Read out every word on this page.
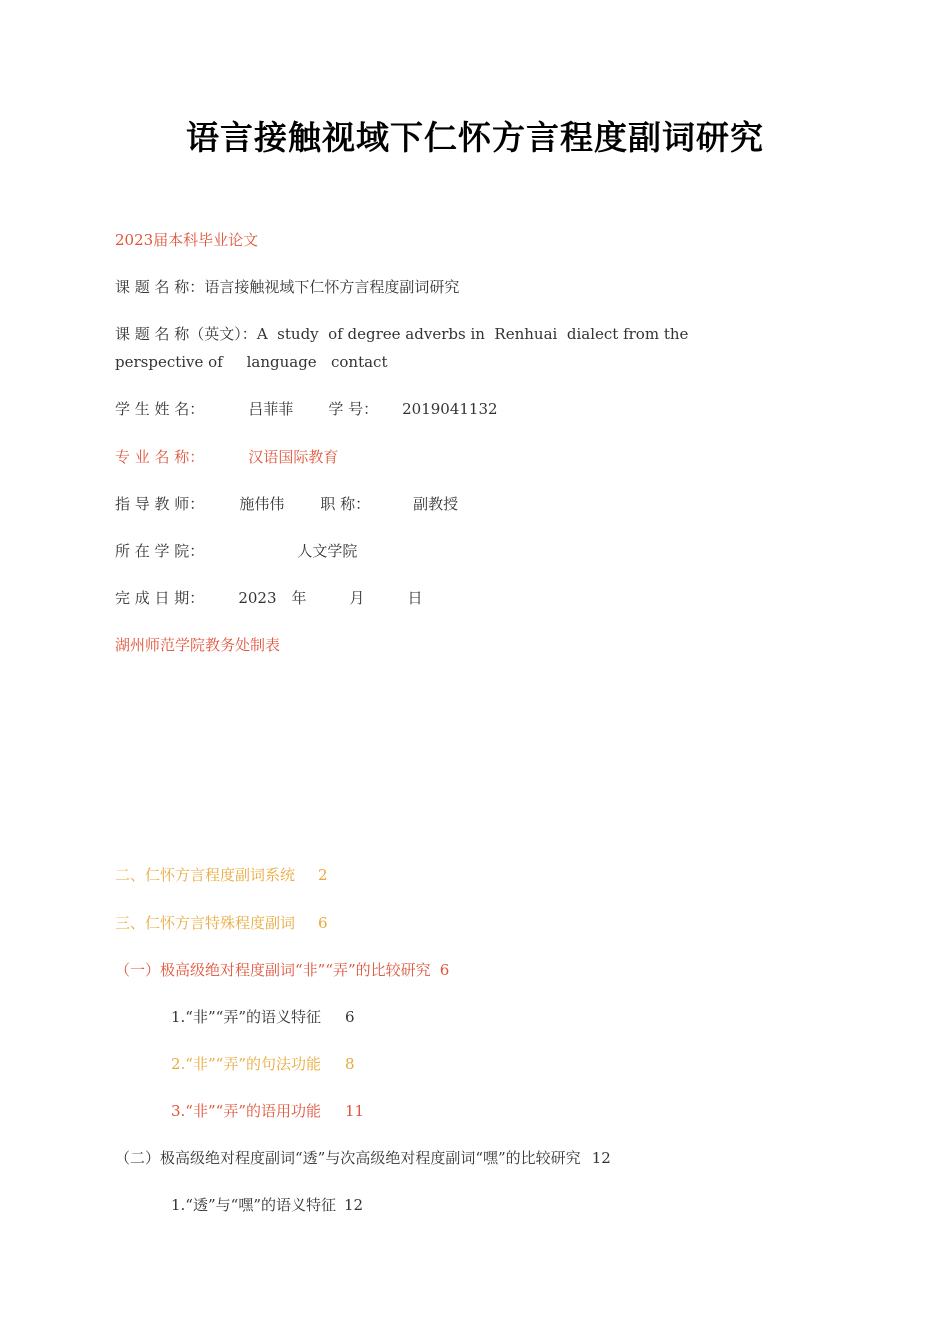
语言接触视域下仁怀方言程度副词研究
2023届本科毕业论文
课 题 名 称：语言接触视域下仁怀方言程度副词研究
课 题 名 称（英文）：A  study  of degree adverbs in  Renhuai  dialect from the
perspective of     language   contact
学 生 姓 名：	吕菲菲 学 号： 2019041132
专 业 名 称：	汉语国际教育
指 导 教 师： 施伟伟 职 称：	副教授
所 在 学 院：	人文学院
完 成 日 期： 2023 年	月	日
湖州师范学院教务处制表
二、仁怀方言程度副词系统 2
三、仁怀方言特殊程度副词 6
（一）极高级绝对程度副词“非”“弄”的比较研究 6
1.“非”“弄”的语义特征 6
2.“非”“弄”的句法功能 8
3.“非”“弄”的语用功能 11
（二）极高级绝对程度副词“透”与次高级绝对程度副词“嘿”的比较研究 12
1.“透”与“嘿”的语义特征 12
